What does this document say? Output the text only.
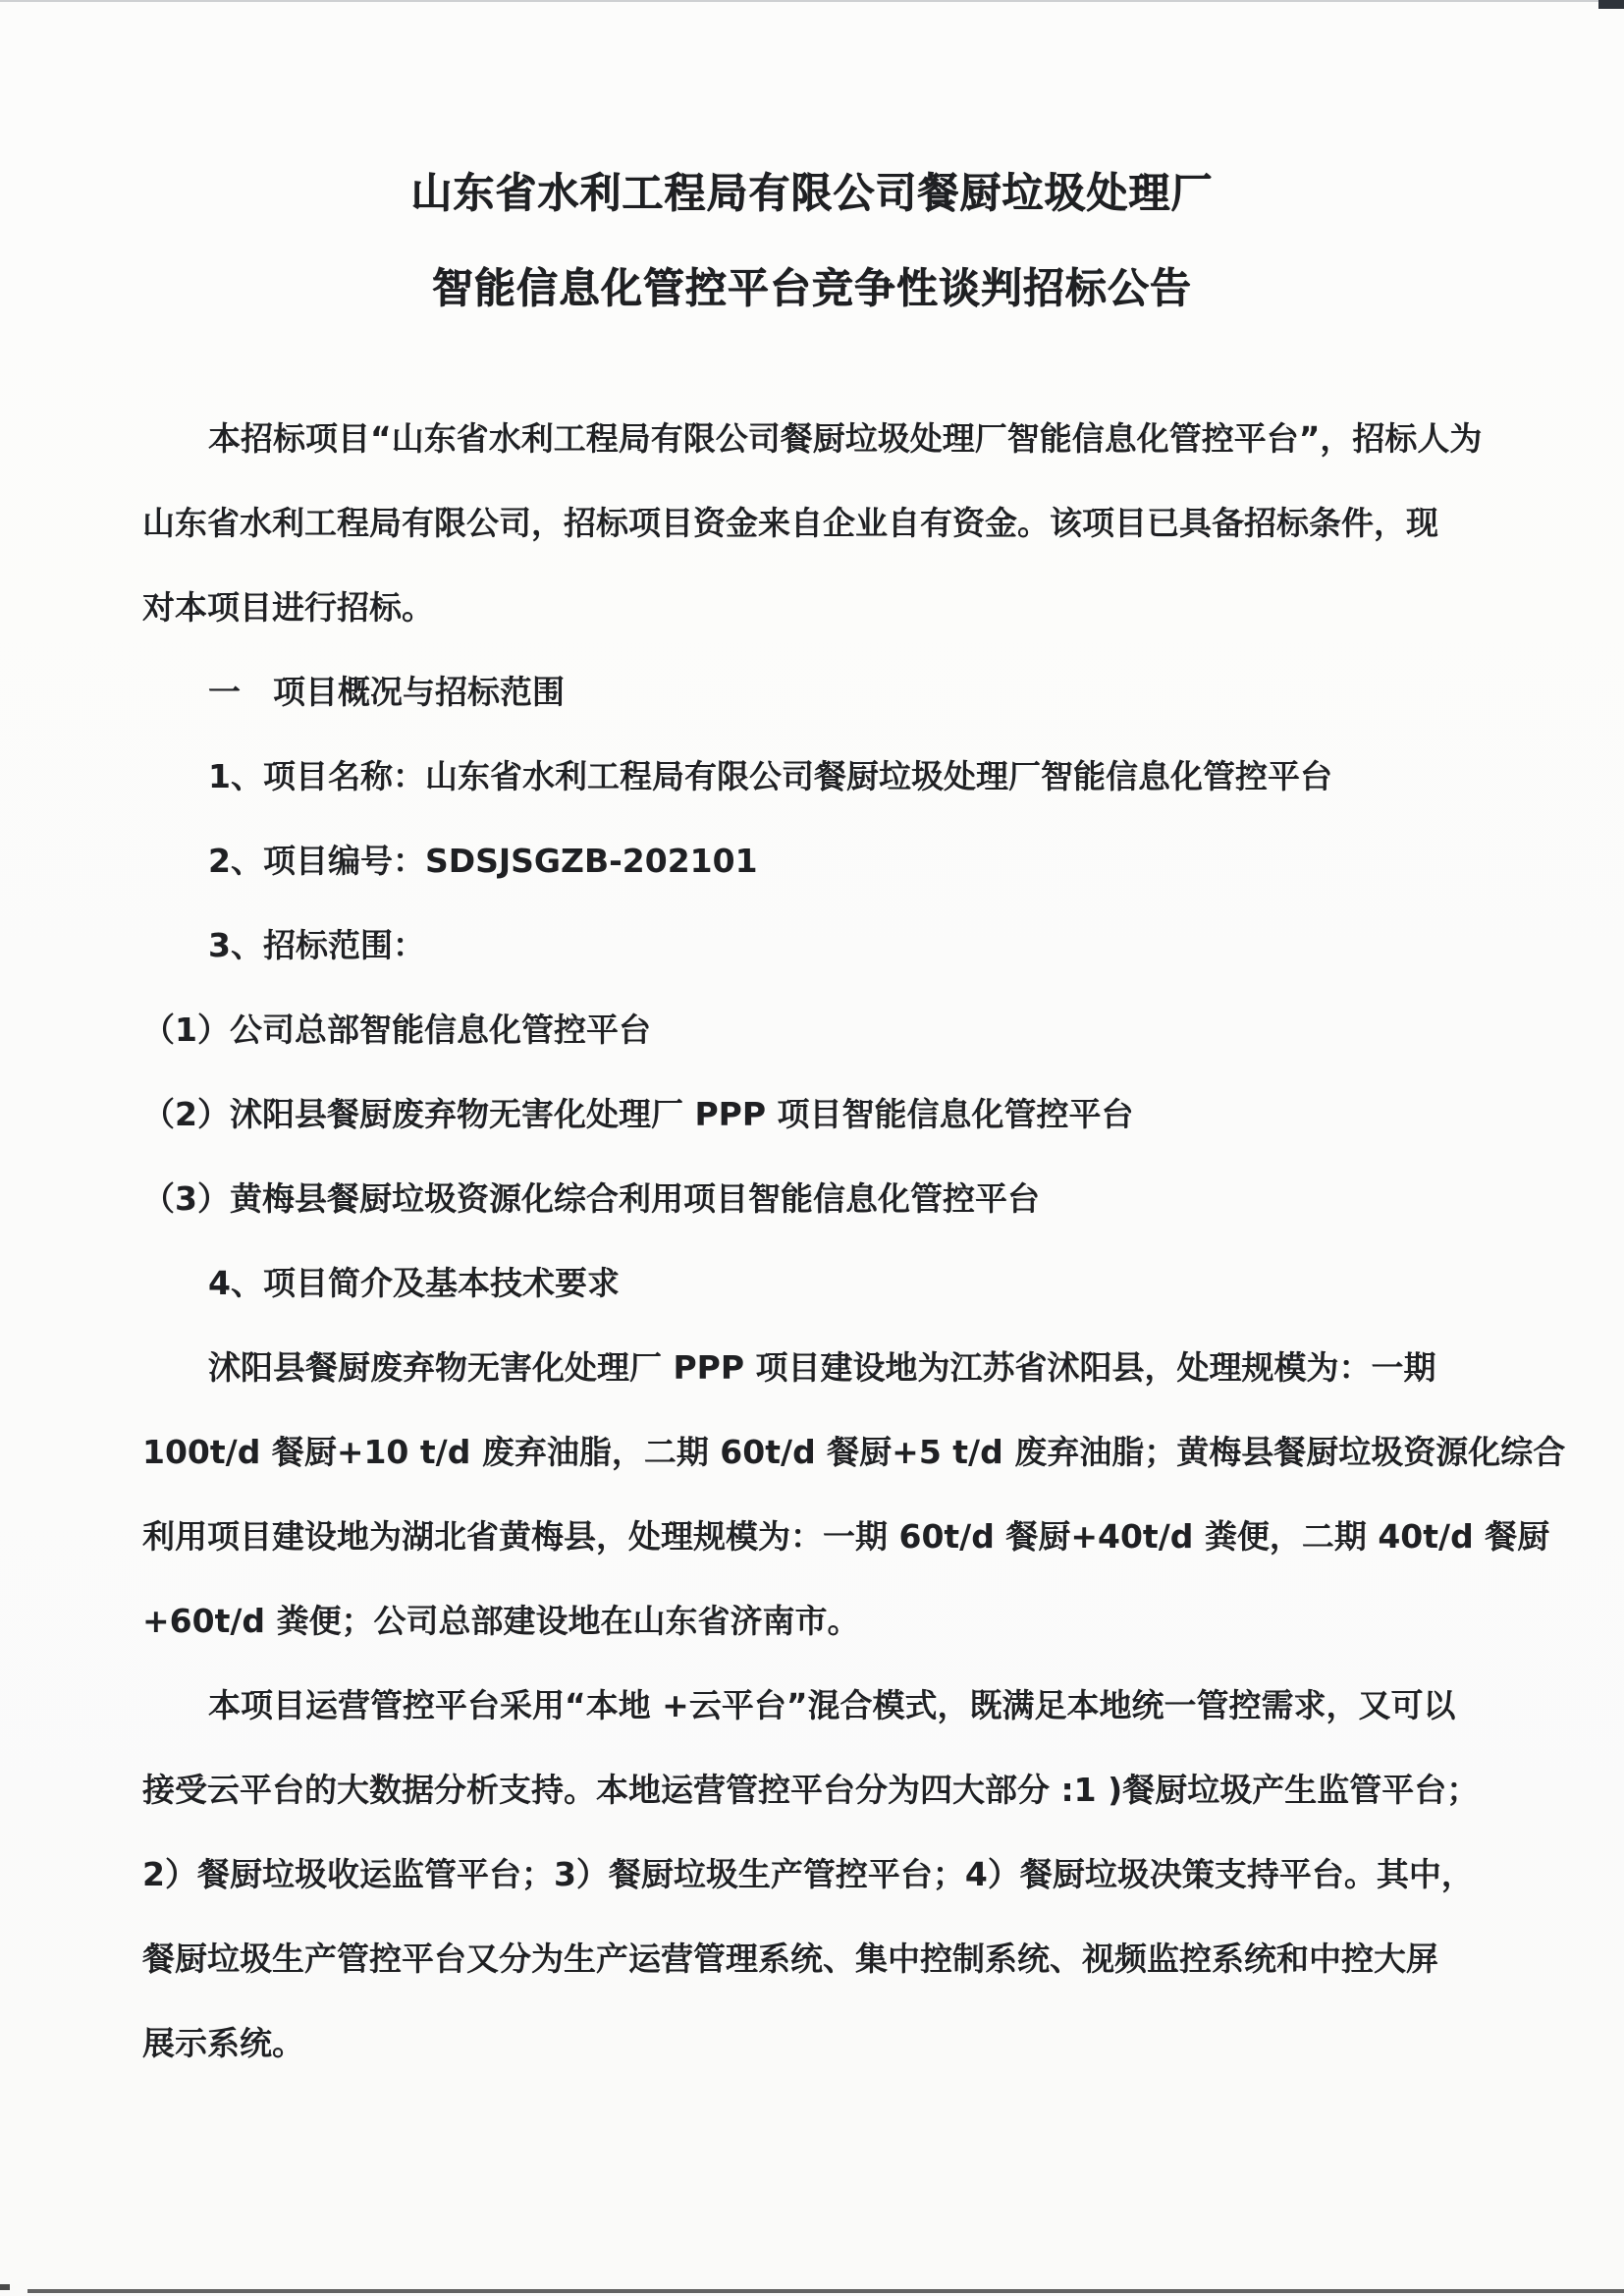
山东省水利工程局有限公司餐厨垃圾处理厂
智能信息化管控平台竞争性谈判招标公告
本招标项目“山东省水利工程局有限公司餐厨垃圾处理厂智能信息化管控平台”，招标人为
山东省水利工程局有限公司，招标项目资金来自企业自有资金。该项目已具备招标条件，现
对本项目进行招标。
一　项目概况与招标范围
1、项目名称：山东省水利工程局有限公司餐厨垃圾处理厂智能信息化管控平台
2、项目编号：SDSJSGZB-202101
3、招标范围：
（1）公司总部智能信息化管控平台
（2）沭阳县餐厨废弃物无害化处理厂 PPP 项目智能信息化管控平台
（3）黄梅县餐厨垃圾资源化综合利用项目智能信息化管控平台
4、项目简介及基本技术要求
沭阳县餐厨废弃物无害化处理厂 PPP 项目建设地为江苏省沭阳县，处理规模为：一期
100t/d 餐厨+10 t/d 废弃油脂，二期 60t/d 餐厨+5 t/d 废弃油脂；黄梅县餐厨垃圾资源化综合
利用项目建设地为湖北省黄梅县，处理规模为：一期 60t/d 餐厨+40t/d 粪便，二期 40t/d 餐厨
+60t/d 粪便；公司总部建设地在山东省济南市。
本项目运营管控平台采用“本地 +云平台”混合模式，既满足本地统一管控需求，又可以
接受云平台的大数据分析支持。本地运营管控平台分为四大部分 :1 )餐厨垃圾产生监管平台；
2）餐厨垃圾收运监管平台；3）餐厨垃圾生产管控平台；4）餐厨垃圾决策支持平台。其中，
餐厨垃圾生产管控平台又分为生产运营管理系统、集中控制系统、视频监控系统和中控大屏
展示系统。
